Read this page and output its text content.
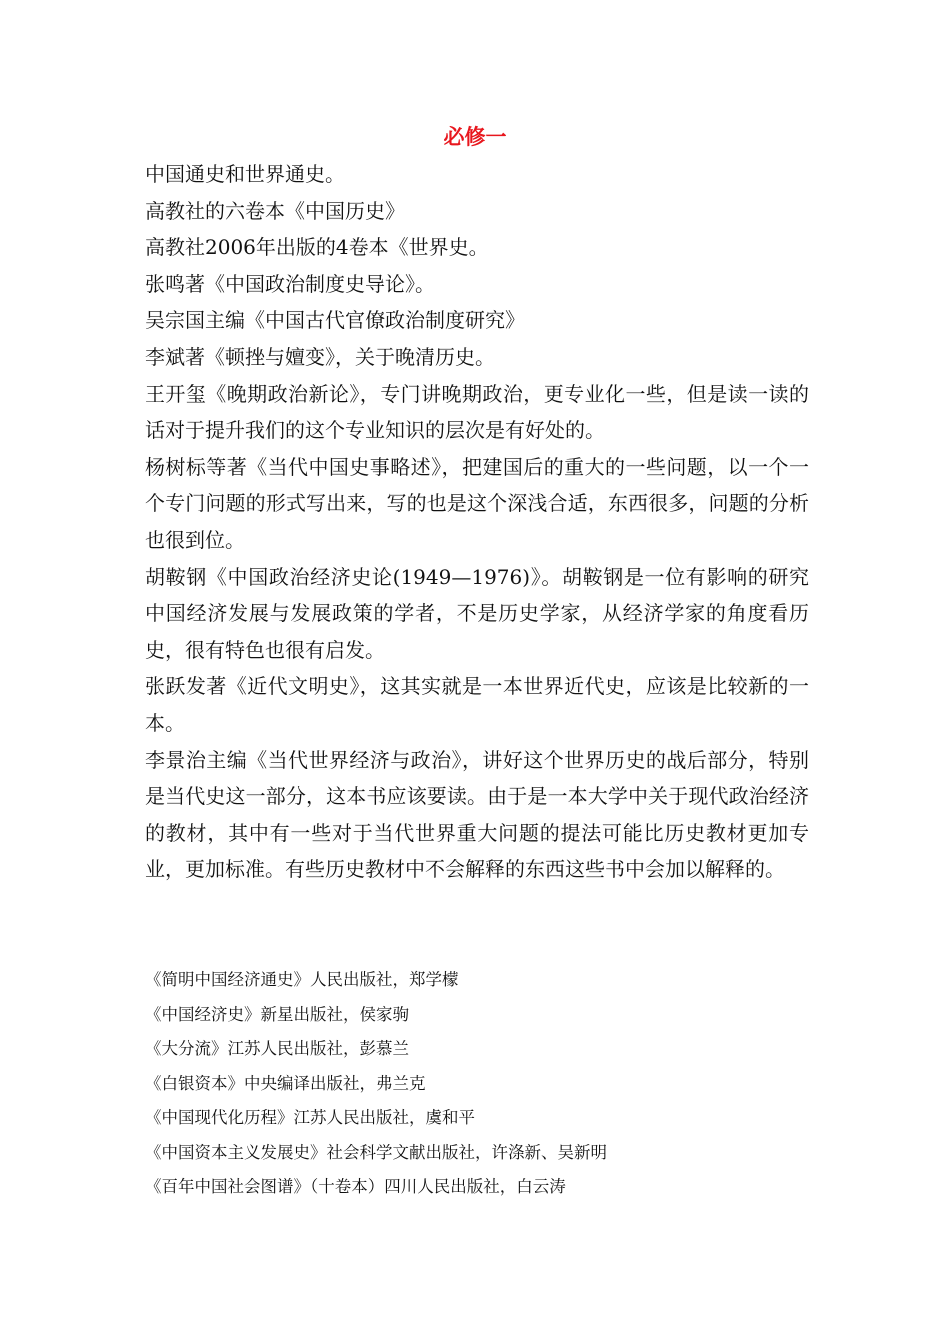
必修一

中国通史和世界通史。

高教社的六卷本《中国历史》

高教社2006年出版的4卷本《世界史。

张鸣著《中国政治制度史导论》。

吴宗国主编《中国古代官僚政治制度研究》

李斌著《顿挫与嬗变》，关于晚清历史。

王开玺《晚期政治新论》，专门讲晚期政治，更专业化一些，但是读一读的话对于提升我们的这个专业知识的层次是有好处的。

杨树标等著《当代中国史事略述》，把建国后的重大的一些问题，以一个一个专门问题的形式写出来，写的也是这个深浅合适，东西很多，问题的分析也很到位。

胡鞍钢《中国政治经济史论(1949—1976)》。胡鞍钢是一位有影响的研究中国经济发展与发展政策的学者，不是历史学家，从经济学家的角度看历史，很有特色也很有启发。

张跃发著《近代文明史》，这其实就是一本世界近代史，应该是比较新的一本。

李景治主编《当代世界经济与政治》，讲好这个世界历史的战后部分，特别是当代史这一部分，这本书应该要读。由于是一本大学中关于现代政治经济的教材，其中有一些对于当代世界重大问题的提法可能比历史教材更加专业，更加标准。有些历史教材中不会解释的东西这些书中会加以解释的。

《简明中国经济通史》人民出版社，郑学檬

《中国经济史》新星出版社，侯家驹

《大分流》江苏人民出版社，彭慕兰

《白银资本》中央编译出版社，弗兰克

《中国现代化历程》江苏人民出版社，虞和平

《中国资本主义发展史》社会科学文献出版社，许涤新、吴新明

《百年中国社会图谱》（十卷本）四川人民出版社，白云涛
